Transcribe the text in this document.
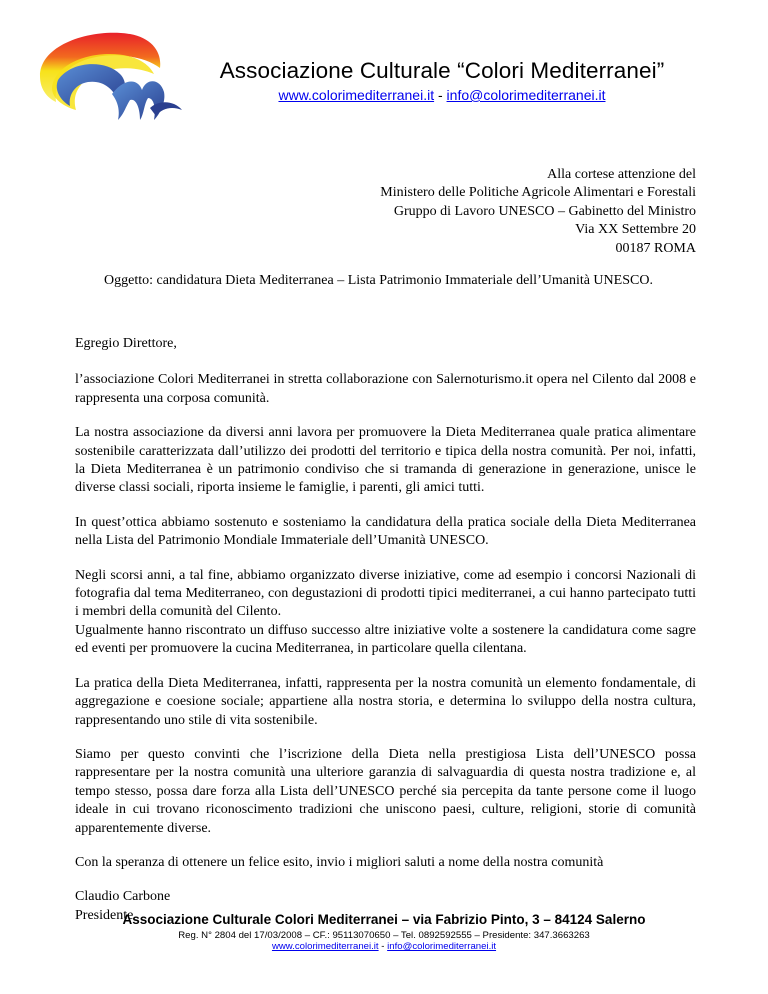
Associazione Culturale “Colori Mediterranei”
www.colorimediterranei.it - info@colorimediterranei.it
Alla cortese attenzione del
Ministero delle Politiche Agricole Alimentari e Forestali
Gruppo di Lavoro UNESCO – Gabinetto del Ministro
Via XX Settembre 20
00187 ROMA
Oggetto: candidatura Dieta Mediterranea – Lista Patrimonio Immateriale dell’Umanità UNESCO.

Egregio Direttore,

l’associazione Colori Mediterranei in stretta collaborazione con Salernoturismo.it opera nel Cilento dal 2008 e rappresenta una corposa comunità.

La nostra associazione da diversi anni lavora per promuovere la Dieta Mediterranea quale pratica alimentare sostenibile caratterizzata dall’utilizzo dei prodotti del territorio e tipica della nostra comunità. Per noi, infatti, la Dieta Mediterranea è un patrimonio condiviso che si tramanda di generazione in generazione, unisce le diverse classi sociali, riporta insieme le famiglie, i parenti, gli amici tutti.

In quest’ottica abbiamo sostenuto e sosteniamo la candidatura della pratica sociale della Dieta Mediterranea nella Lista del Patrimonio Mondiale Immateriale dell’Umanità UNESCO.

Negli scorsi anni, a tal fine, abbiamo organizzato diverse iniziative, come ad esempio i concorsi Nazionali di fotografia dal tema Mediterraneo, con degustazioni di prodotti tipici mediterranei, a cui hanno partecipato tutti i membri della comunità del Cilento.

Ugualmente hanno riscontrato un diffuso successo altre iniziative volte a sostenere la candidatura come sagre ed eventi per promuovere la cucina Mediterranea, in particolare quella cilentana.

La pratica della Dieta Mediterranea, infatti, rappresenta per la nostra comunità un elemento fondamentale, di aggregazione e coesione sociale; appartiene alla nostra storia, e determina lo sviluppo della nostra cultura, rappresentando uno stile di vita sostenibile.

Siamo per questo convinti che l’iscrizione della Dieta nella prestigiosa Lista dell’UNESCO possa rappresentare per la nostra comunità una ulteriore garanzia di salvaguardia di questa nostra tradizione e, al tempo stesso, possa dare forza alla Lista dell’UNESCO perché sia percepita da tante persone come il luogo ideale in cui trovano riconoscimento tradizioni che uniscono paesi, culture, religioni, storie di comunità apparentemente diverse.

Con la speranza di ottenere un felice esito, invio i migliori saluti a nome della nostra comunità

Claudio Carbone
Presidente
Associazione Culturale Colori Mediterranei – via Fabrizio Pinto, 3 – 84124 Salerno
Reg. N° 2804 del 17/03/2008 – CF.: 95113070650 – Tel. 0892592555 – Presidente: 347.3663263
www.colorimediterranei.it - info@colorimediterranei.it
